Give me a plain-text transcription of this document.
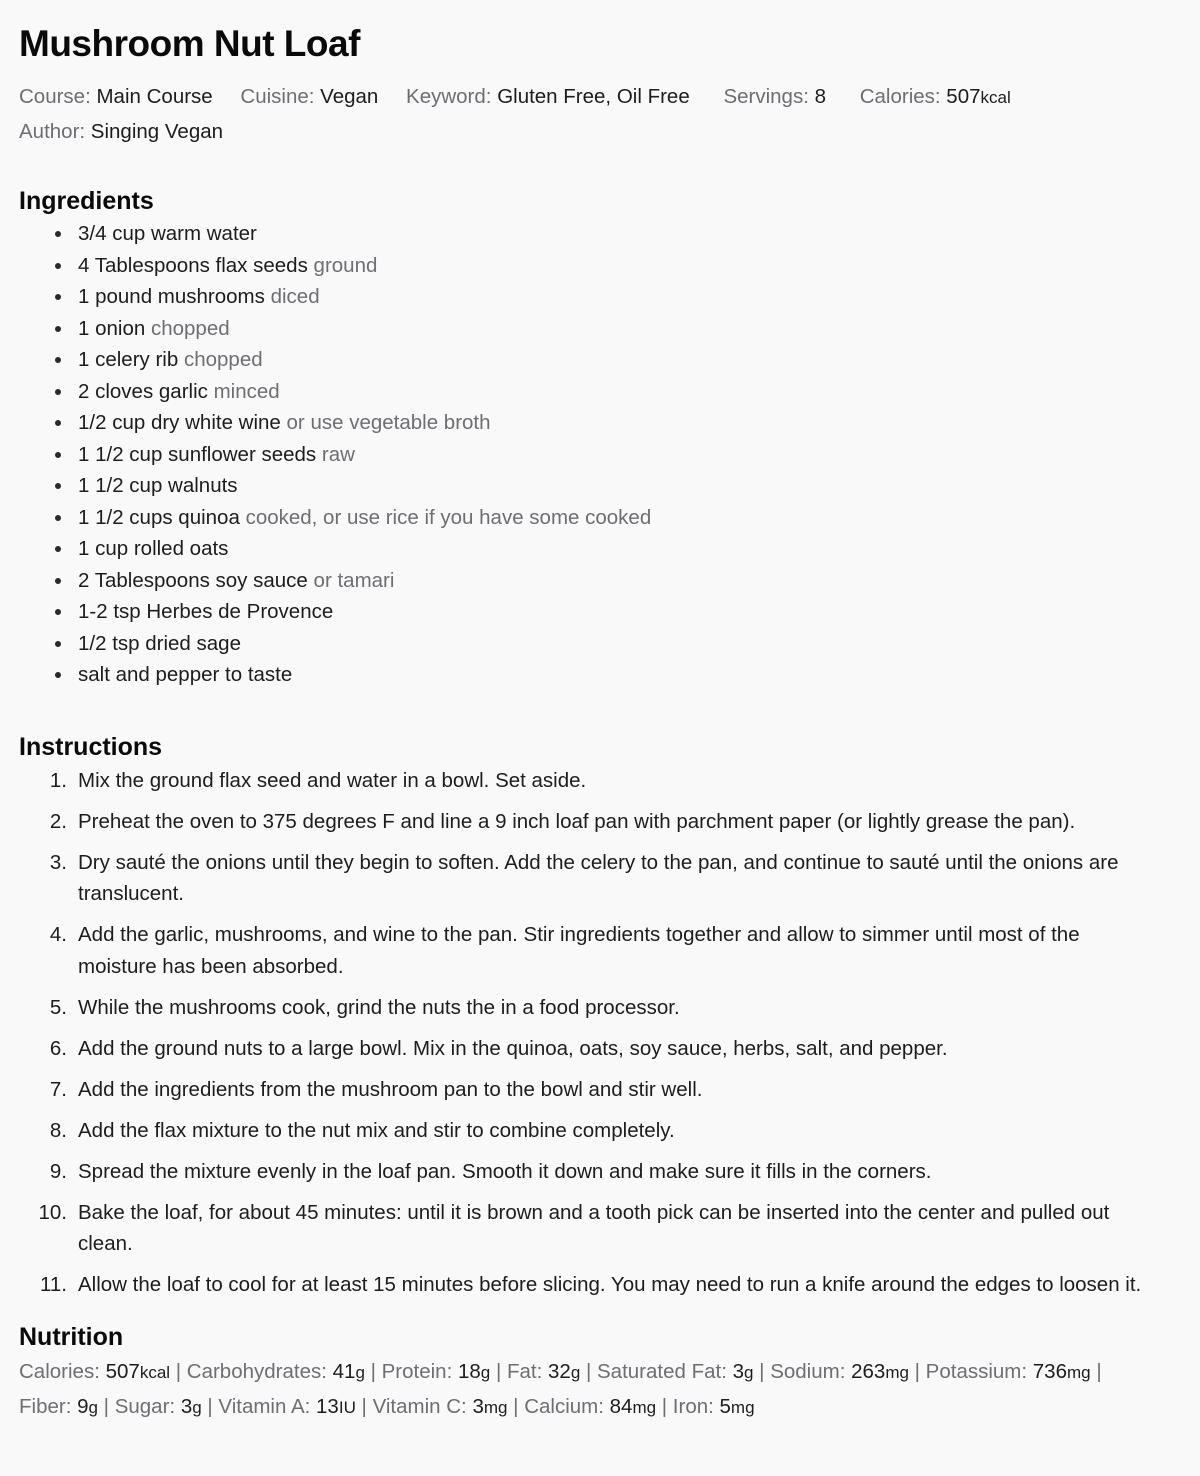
Mushroom Nut Loaf
Course: Main Course Cuisine: Vegan Keyword: Gluten Free, Oil Free Servings: 8 Calories: 507kcal
Author: Singing Vegan
Ingredients
3/4 cup warm water
4 Tablespoons flax seeds ground
1 pound mushrooms diced
1 onion chopped
1 celery rib chopped
2 cloves garlic minced
1/2 cup dry white wine or use vegetable broth
1 1/2 cup sunflower seeds raw
1 1/2 cup walnuts
1 1/2 cups quinoa cooked, or use rice if you have some cooked
1 cup rolled oats
2 Tablespoons soy sauce or tamari
1-2 tsp Herbes de Provence
1/2 tsp dried sage
salt and pepper to taste
Instructions
1. Mix the ground flax seed and water in a bowl. Set aside.
2. Preheat the oven to 375 degrees F and line a 9 inch loaf pan with parchment paper (or lightly grease the pan).
3. Dry sauté the onions until they begin to soften. Add the celery to the pan, and continue to sauté until the onions are translucent.
4. Add the garlic, mushrooms, and wine to the pan. Stir ingredients together and allow to simmer until most of the moisture has been absorbed.
5. While the mushrooms cook, grind the nuts the in a food processor.
6. Add the ground nuts to a large bowl. Mix in the quinoa, oats, soy sauce, herbs, salt, and pepper.
7. Add the ingredients from the mushroom pan to the bowl and stir well.
8. Add the flax mixture to the nut mix and stir to combine completely.
9. Spread the mixture evenly in the loaf pan. Smooth it down and make sure it fills in the corners.
10. Bake the loaf, for about 45 minutes: until it is brown and a tooth pick can be inserted into the center and pulled out clean.
11. Allow the loaf to cool for at least 15 minutes before slicing. You may need to run a knife around the edges to loosen it.
Nutrition
Calories: 507kcal | Carbohydrates: 41g | Protein: 18g | Fat: 32g | Saturated Fat: 3g | Sodium: 263mg | Potassium: 736mg | Fiber: 9g | Sugar: 3g | Vitamin A: 13IU | Vitamin C: 3mg | Calcium: 84mg | Iron: 5mg
